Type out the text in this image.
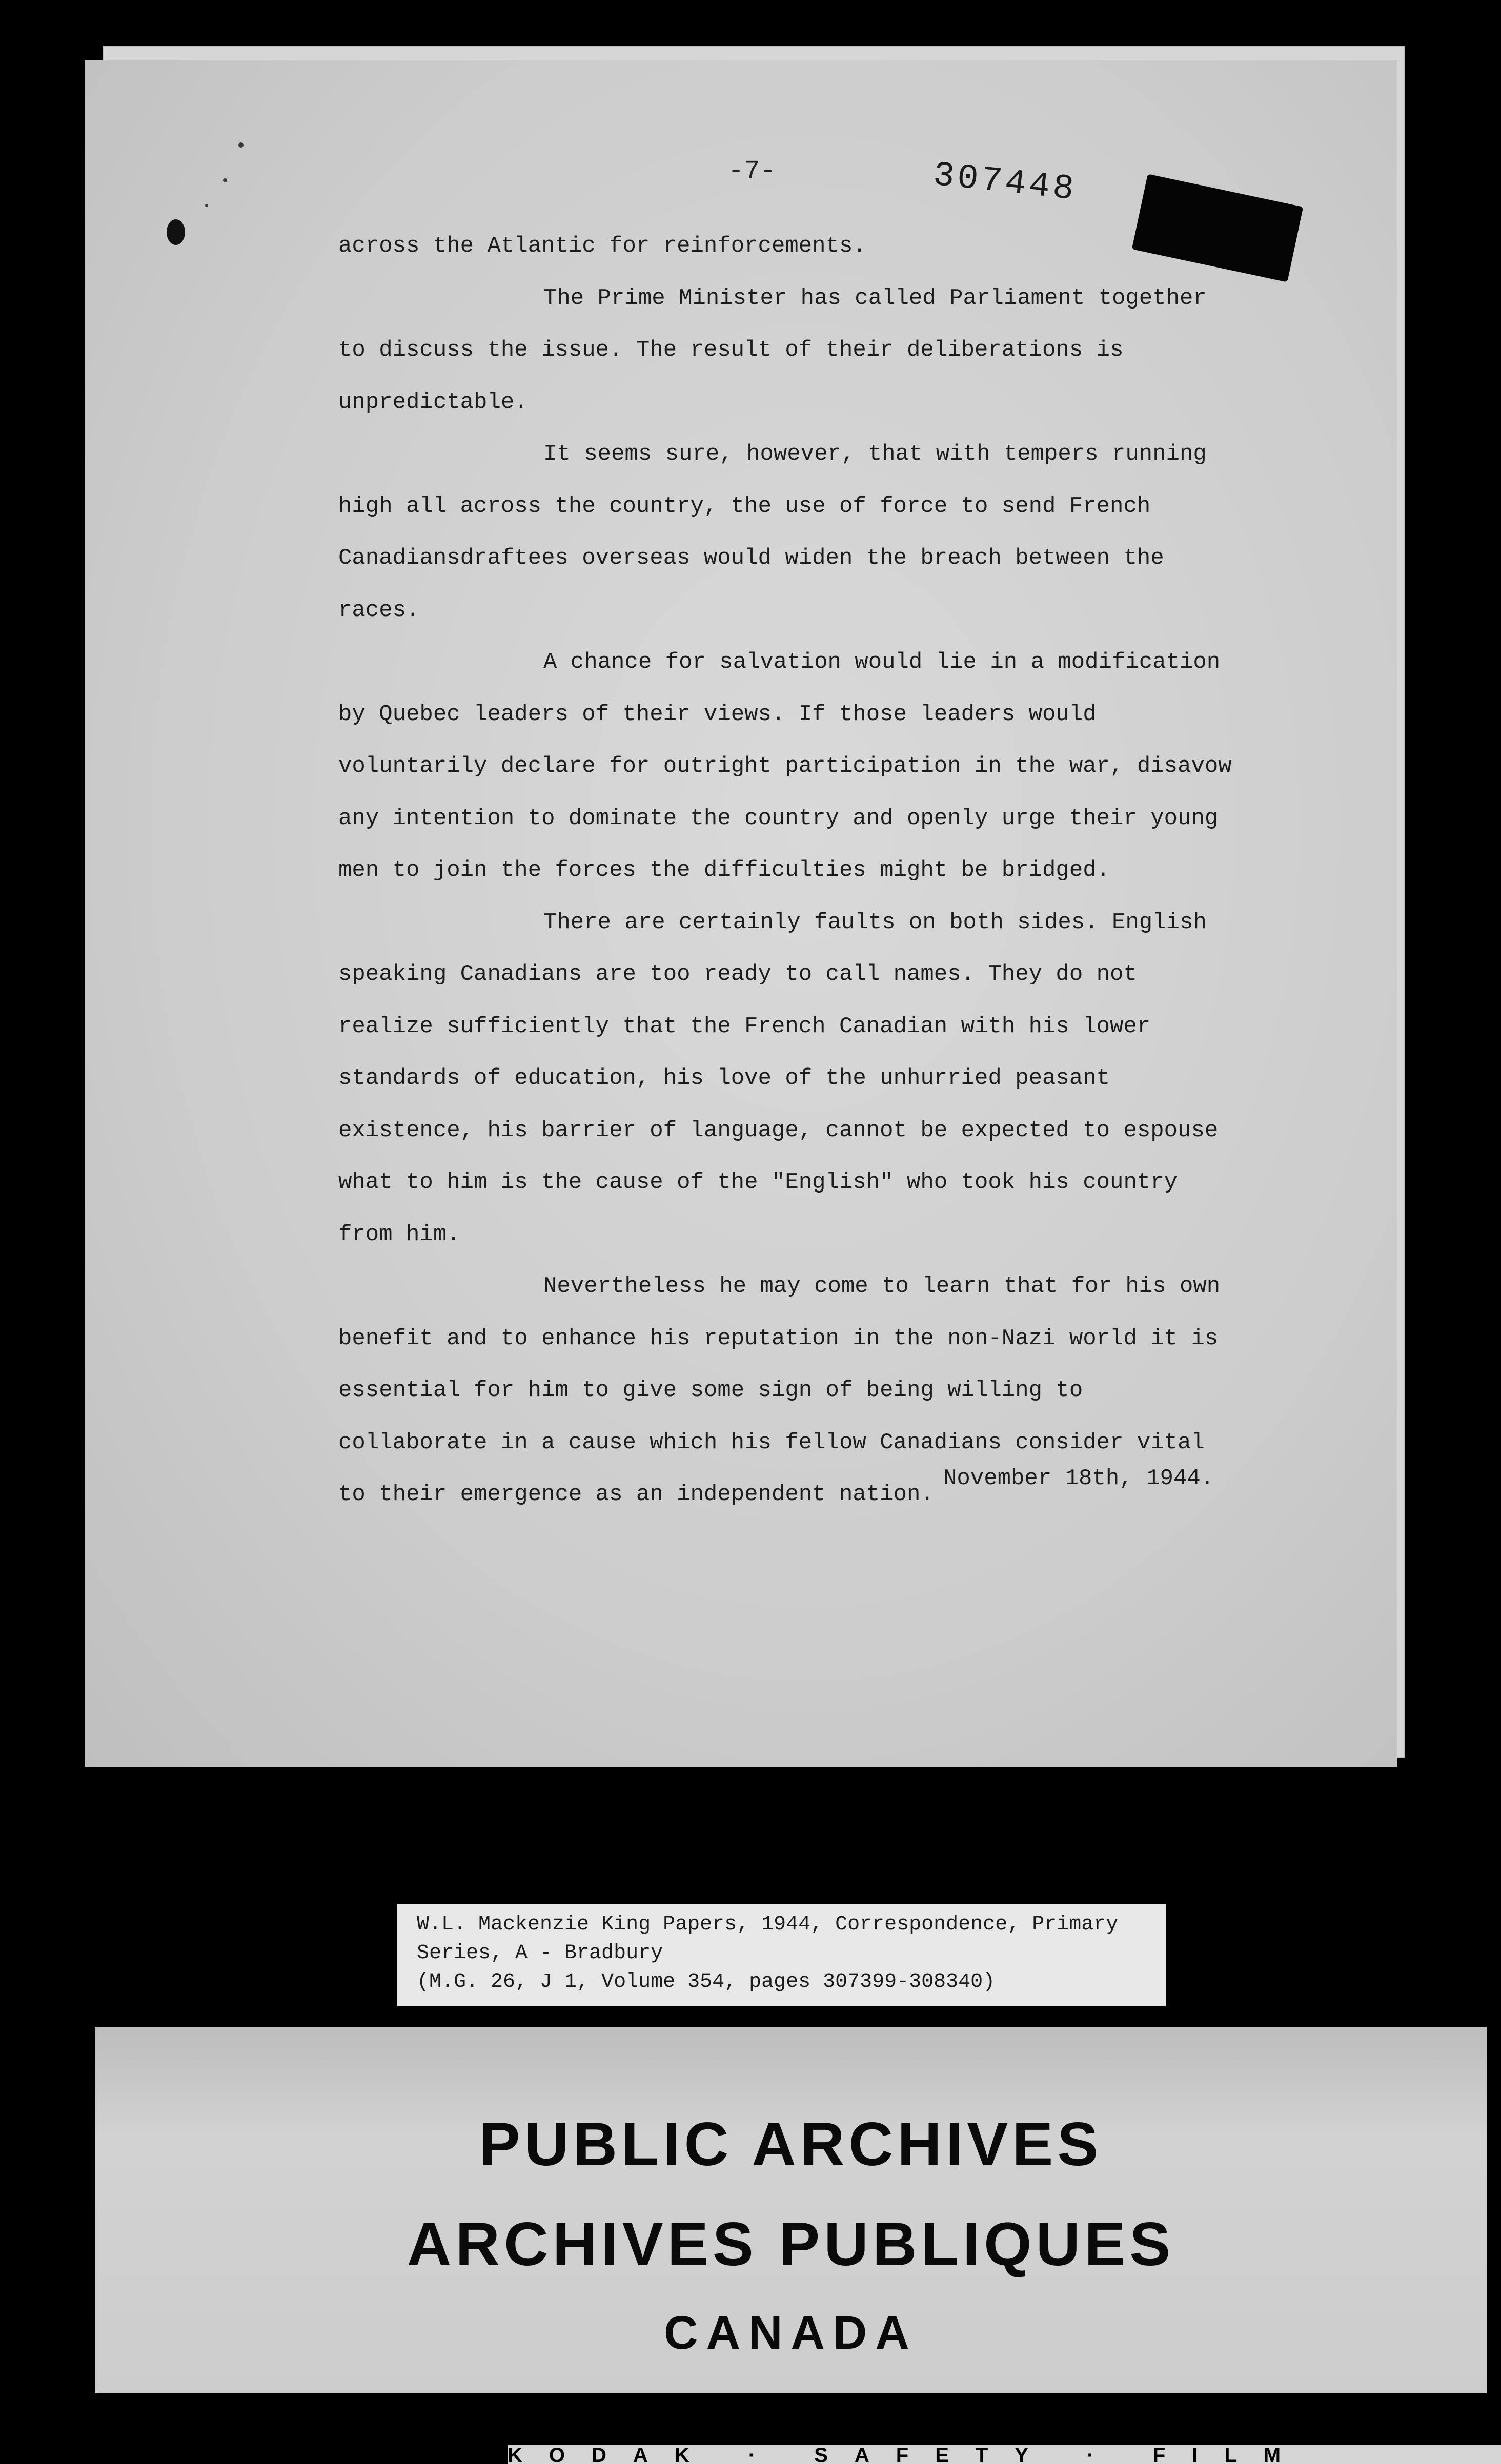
-7-	307448

across the Atlantic for reinforcements.

The Prime Minister has called Parliament together to discuss the issue. The result of their deliberations is unpredictable.

It seems sure, however, that with tempers running high all across the country, the use of force to send French Canadiansdraftees overseas would widen the breach between the races.

A chance for salvation would lie in a modification by Quebec leaders of their views. If those leaders would voluntarily declare for outright participation in the war, disavow any intention to dominate the country and openly urge their young men to join the forces the difficulties might be bridged.

There are certainly faults on both sides. English speaking Canadians are too ready to call names. They do not realize sufficiently that the French Canadian with his lower standards of education, his love of the unhurried peasant existence, his barrier of language, cannot be expected to espouse what to him is the cause of the "English" who took his country from him.

Nevertheless he may come to learn that for his own benefit and to enhance his reputation in the non-Nazi world it is essential for him to give some sign of being willing to collaborate in a cause which his fellow Canadians consider vital to their emergence as an independent nation.

November 18th, 1944.
W.L. Mackenzie King Papers, 1944, Correspondence, Primary
Series, A - Bradbury
(M.G. 26, J 1, Volume 354, pages 307399-308340)
PUBLIC ARCHIVES
ARCHIVES PUBLIQUES
CANADA
KODAK · SAFETY · FILM
